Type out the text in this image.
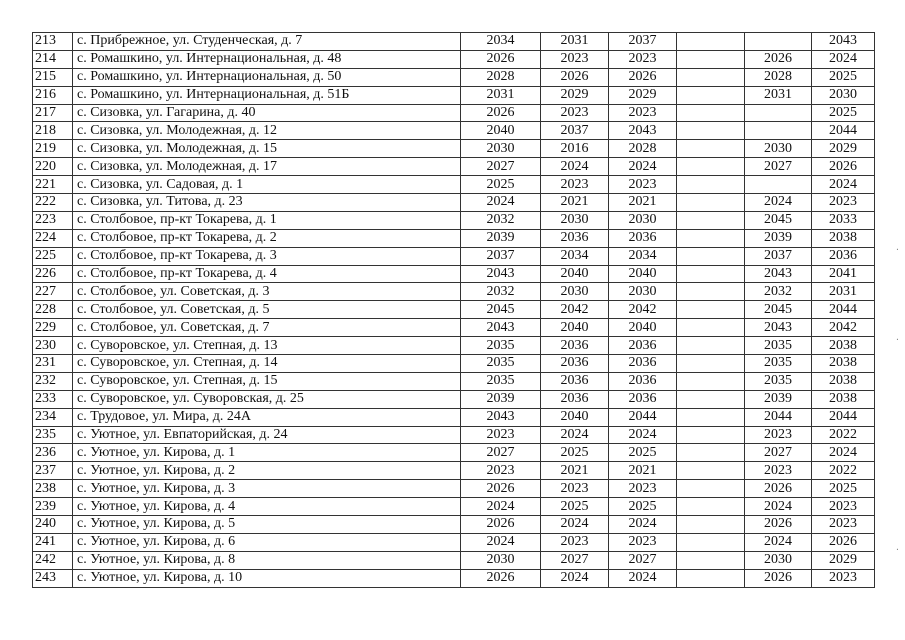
213	с. Прибрежное, ул. Студенческая, д. 7	2034	2031	2037			2043
214	с. Ромашкино, ул. Интернациональная, д. 48	2026	2023	2023		2026	2024
215	с. Ромашкино, ул. Интернациональная, д. 50	2028	2026	2026		2028	2025
216	с. Ромашкино, ул. Интернациональная, д. 51Б	2031	2029	2029		2031	2030
217	с. Сизовка, ул. Гагарина, д. 40	2026	2023	2023			2025
218	с. Сизовка, ул. Молодежная, д. 12	2040	2037	2043			2044
219	с. Сизовка, ул. Молодежная, д. 15	2030	2016	2028		2030	2029
220	с. Сизовка, ул. Молодежная, д. 17	2027	2024	2024		2027	2026
221	с. Сизовка, ул. Садовая, д. 1	2025	2023	2023			2024
222	с. Сизовка, ул. Титова, д. 23	2024	2021	2021		2024	2023
223	с. Столбовое, пр-кт Токарева, д. 1	2032	2030	2030		2045	2033
224	с. Столбовое, пр-кт Токарева, д. 2	2039	2036	2036		2039	2038
225	с. Столбовое, пр-кт Токарева, д. 3	2037	2034	2034		2037	2036
226	с. Столбовое, пр-кт Токарева, д. 4	2043	2040	2040		2043	2041
227	с. Столбовое, ул. Советская, д. 3	2032	2030	2030		2032	2031
228	с. Столбовое, ул. Советская, д. 5	2045	2042	2042		2045	2044
229	с. Столбовое, ул. Советская, д. 7	2043	2040	2040		2043	2042
230	с. Суворовское, ул. Степная, д. 13	2035	2036	2036		2035	2038
231	с. Суворовское, ул. Степная, д. 14	2035	2036	2036		2035	2038
232	с. Суворовское, ул. Степная, д. 15	2035	2036	2036		2035	2038
233	с. Суворовское, ул. Суворовская, д. 25	2039	2036	2036		2039	2038
234	с. Трудовое, ул. Мира, д. 24А	2043	2040	2044		2044	2044
235	с. Уютное, ул. Евпаторийская, д. 24	2023	2024	2024		2023	2022
236	с. Уютное, ул. Кирова, д. 1	2027	2025	2025		2027	2024
237	с. Уютное, ул. Кирова, д. 2	2023	2021	2021		2023	2022
238	с. Уютное, ул. Кирова, д. 3	2026	2023	2023		2026	2025
239	с. Уютное, ул. Кирова, д. 4	2024	2025	2025		2024	2023
240	с. Уютное, ул. Кирова, д. 5	2026	2024	2024		2026	2023
241	с. Уютное, ул. Кирова, д. 6	2024	2023	2023		2024	2026
242	с. Уютное, ул. Кирова, д. 8	2030	2027	2027		2030	2029
243	с. Уютное, ул. Кирова, д. 10	2026	2024	2024		2026	2023
·
·
·
